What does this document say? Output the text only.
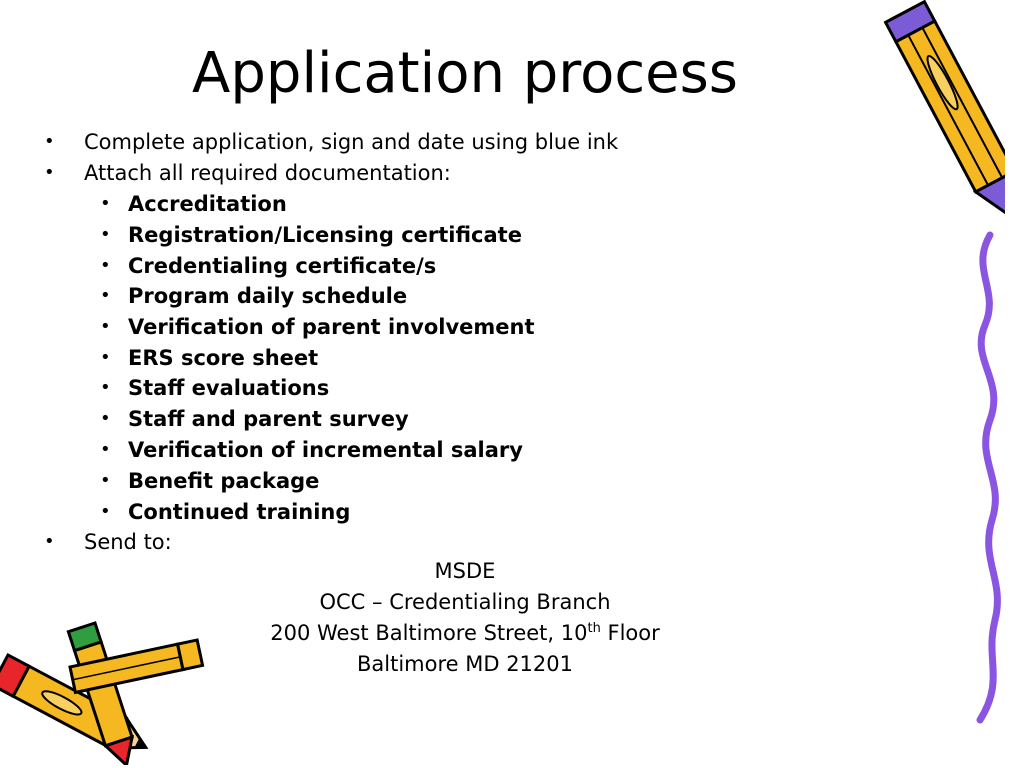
Application process
• Complete application, sign and date using blue ink
• Attach all required documentation:
• Accreditation
• Registration/Licensing certificate
• Credentialing certificate/s
• Program daily schedule
• Verification of parent involvement
• ERS score sheet
• Staff evaluations
• Staff and parent survey
• Verification of incremental salary
• Benefit package
• Continued training
• Send to:
MSDE
OCC – Credentialing Branch
200 West Baltimore Street, 10th Floor
Baltimore MD 21201
